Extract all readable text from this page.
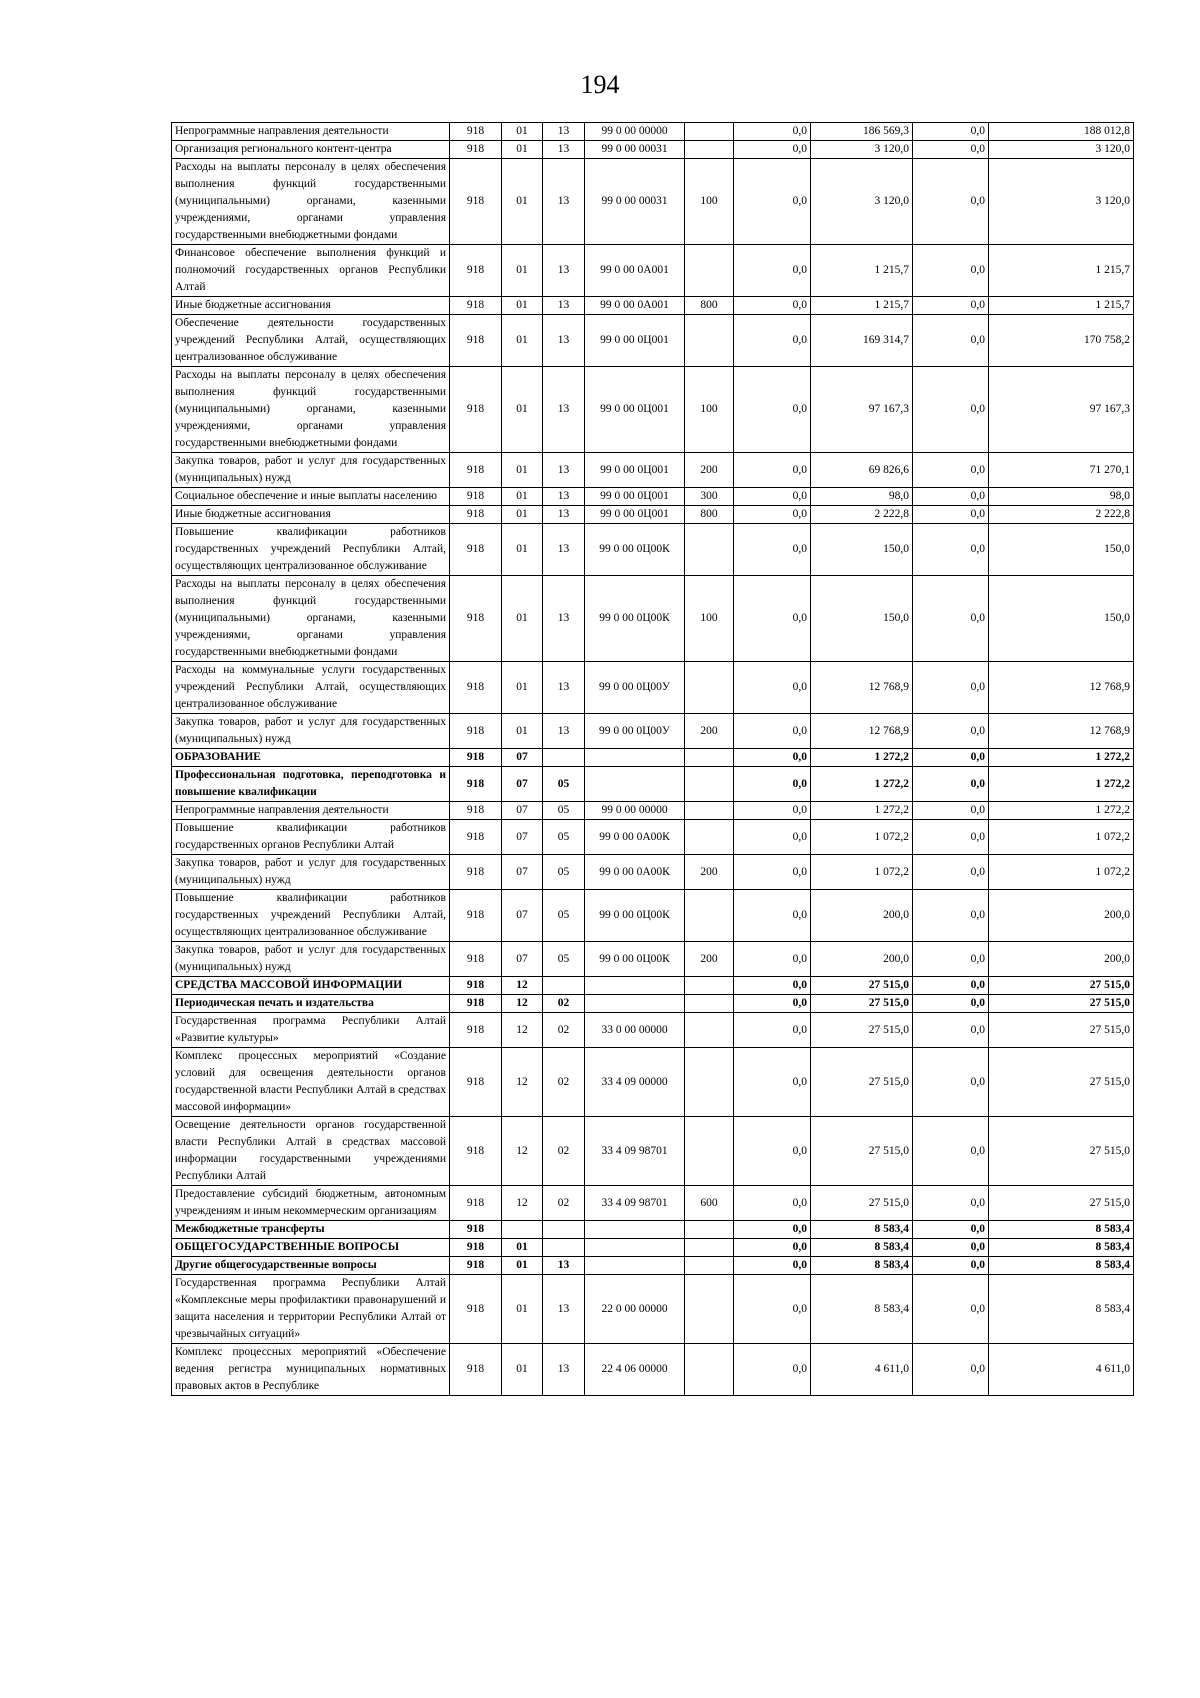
194
Непрограммные направления деятельности	918	01	13	99 0 00 00000		0,0	186 569,3	0,0	188 012,8
Организация регионального контент-центра	918	01	13	99 0 00 00031		0,0	3 120,0	0,0	3 120,0
Расходы на выплаты персоналу в целях обеспечения выполнения функций государственными (муниципальными) органами, казенными учреждениями, органами управления государственными внебюджетными фондами	918	01	13	99 0 00 00031	100	0,0	3 120,0	0,0	3 120,0
Финансовое обеспечение выполнения функций и полномочий государственных органов Республики Алтай	918	01	13	99 0 00 0А001		0,0	1 215,7	0,0	1 215,7
Иные бюджетные ассигнования	918	01	13	99 0 00 0А001	800	0,0	1 215,7	0,0	1 215,7
Обеспечение деятельности государственных учреждений Республики Алтай, осуществляющих централизованное обслуживание	918	01	13	99 0 00 0Ц001		0,0	169 314,7	0,0	170 758,2
Расходы на выплаты персоналу в целях обеспечения выполнения функций государственными (муниципальными) органами, казенными учреждениями, органами управления государственными внебюджетными фондами	918	01	13	99 0 00 0Ц001	100	0,0	97 167,3	0,0	97 167,3
Закупка товаров, работ и услуг для государственных (муниципальных) нужд	918	01	13	99 0 00 0Ц001	200	0,0	69 826,6	0,0	71 270,1
Социальное обеспечение и иные выплаты населению	918	01	13	99 0 00 0Ц001	300	0,0	98,0	0,0	98,0
Иные бюджетные ассигнования	918	01	13	99 0 00 0Ц001	800	0,0	2 222,8	0,0	2 222,8
Повышение квалификации работников государственных учреждений Республики Алтай, осуществляющих централизованное обслуживание	918	01	13	99 0 00 0Ц00К		0,0	150,0	0,0	150,0
Расходы на выплаты персоналу в целях обеспечения выполнения функций государственными (муниципальными) органами, казенными учреждениями, органами управления государственными внебюджетными фондами	918	01	13	99 0 00 0Ц00К	100	0,0	150,0	0,0	150,0
Расходы на коммунальные услуги государственных учреждений Республики Алтай, осуществляющих централизованное обслуживание	918	01	13	99 0 00 0Ц00У		0,0	12 768,9	0,0	12 768,9
Закупка товаров, работ и услуг для государственных (муниципальных) нужд	918	01	13	99 0 00 0Ц00У	200	0,0	12 768,9	0,0	12 768,9
ОБРАЗОВАНИЕ	918	07				0,0	1 272,2	0,0	1 272,2
Профессиональная подготовка, переподготовка и повышение квалификации	918	07	05			0,0	1 272,2	0,0	1 272,2
Непрограммные направления деятельности	918	07	05	99 0 00 00000		0,0	1 272,2	0,0	1 272,2
Повышение квалификации работников государственных органов Республики Алтай	918	07	05	99 0 00 0А00К		0,0	1 072,2	0,0	1 072,2
Закупка товаров, работ и услуг для государственных (муниципальных) нужд	918	07	05	99 0 00 0А00К	200	0,0	1 072,2	0,0	1 072,2
Повышение квалификации работников государственных учреждений Республики Алтай, осуществляющих централизованное обслуживание	918	07	05	99 0 00 0Ц00К		0,0	200,0	0,0	200,0
Закупка товаров, работ и услуг для государственных (муниципальных) нужд	918	07	05	99 0 00 0Ц00К	200	0,0	200,0	0,0	200,0
СРЕДСТВА МАССОВОЙ ИНФОРМАЦИИ	918	12				0,0	27 515,0	0,0	27 515,0
Периодическая печать и издательства	918	12	02			0,0	27 515,0	0,0	27 515,0
Государственная программа Республики Алтай «Развитие культуры»	918	12	02	33 0 00 00000		0,0	27 515,0	0,0	27 515,0
Комплекс процессных мероприятий «Создание условий для освещения деятельности органов государственной власти Республики Алтай в средствах массовой информации»	918	12	02	33 4 09 00000		0,0	27 515,0	0,0	27 515,0
Освещение деятельности органов государственной власти Республики Алтай в средствах массовой информации государственными учреждениями Республики Алтай	918	12	02	33 4 09 98701		0,0	27 515,0	0,0	27 515,0
Предоставление субсидий бюджетным, автономным учреждениям и иным некоммерческим организациям	918	12	02	33 4 09 98701	600	0,0	27 515,0	0,0	27 515,0
Межбюджетные трансферты	918					0,0	8 583,4	0,0	8 583,4
ОБЩЕГОСУДАРСТВЕННЫЕ ВОПРОСЫ	918	01				0,0	8 583,4	0,0	8 583,4
Другие общегосударственные вопросы	918	01	13			0,0	8 583,4	0,0	8 583,4
Государственная программа Республики Алтай «Комплексные меры профилактики правонарушений и защита населения и территории Республики Алтай от чрезвычайных ситуаций»	918	01	13	22 0 00 00000		0,0	8 583,4	0,0	8 583,4
Комплекс процессных мероприятий «Обеспечение ведения регистра муниципальных нормативных правовых актов в Республике	918	01	13	22 4 06 00000		0,0	4 611,0	0,0	4 611,0
